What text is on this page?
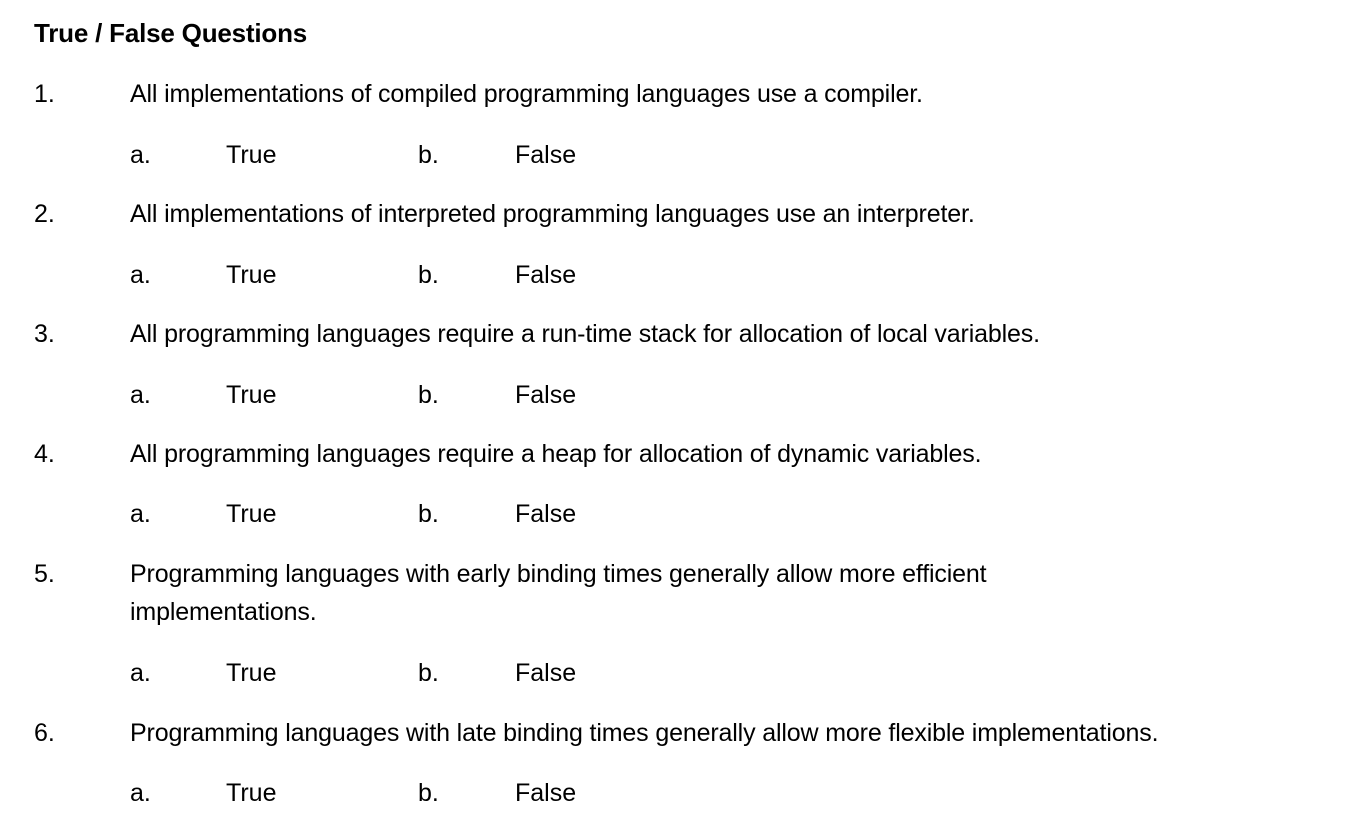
True / False Questions
1.	All implementations of compiled programming languages use a compiler.
a.	True	b.	False
2.	All implementations of interpreted programming languages use an interpreter.
a.	True	b.	False
3.	All programming languages require a run-time stack for allocation of local variables.
a.	True	b.	False
4.	All programming languages require a heap for allocation of dynamic variables.
a.	True	b.	False
5.	Programming languages with early binding times generally allow more efficient implementations.
a.	True	b.	False
6.	Programming languages with late binding times generally allow more flexible implementations.
a.	True	b.	False
